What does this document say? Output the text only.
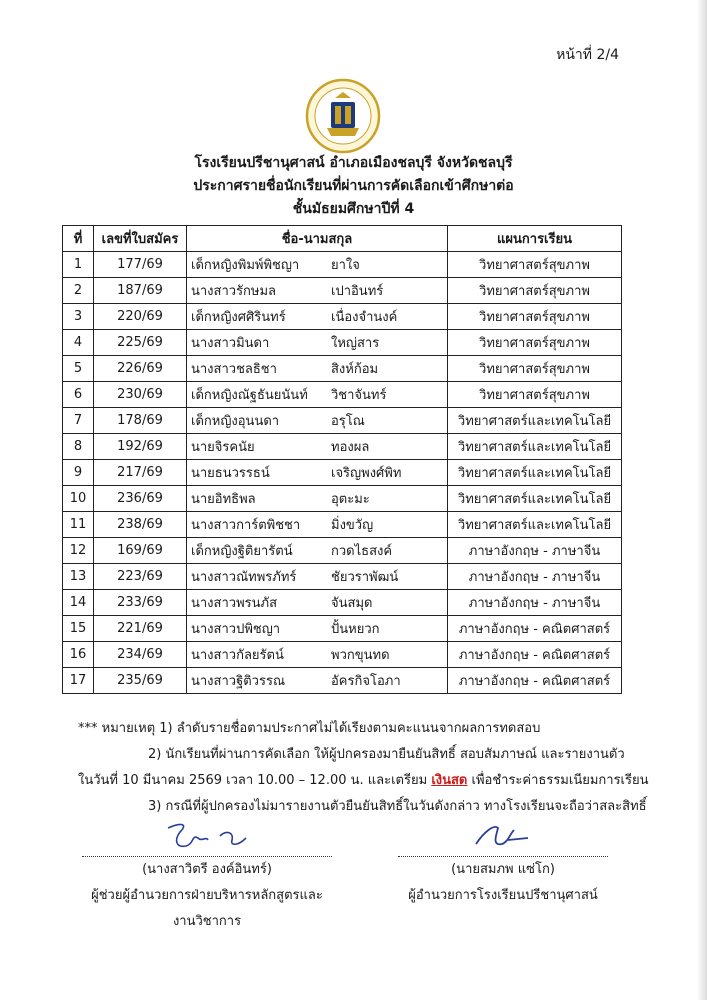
หน้าที่ 2/4
โรงเรียนปรีชานุศาสน์ อำเภอเมืองชลบุรี จังหวัดชลบุรี
ประกาศรายชื่อนักเรียนที่ผ่านการคัดเลือกเข้าศึกษาต่อ
ชั้นมัธยมศึกษาปีที่ 4
ที่	เลขที่ใบสมัคร	ชื่อ-นามสกุล	แผนการเรียน
1	177/69	เด็กหญิงพิมพ์พิชญา ยาใจ	วิทยาศาสตร์สุขภาพ
2	187/69	นางสาวรักษมล เปาอินทร์	วิทยาศาสตร์สุขภาพ
3	220/69	เด็กหญิงศศิรินทร์ เนื่องจำนงค์	วิทยาศาสตร์สุขภาพ
4	225/69	นางสาวมินดา ใหญ่สาร	วิทยาศาสตร์สุขภาพ
5	226/69	นางสาวชลธิชา สิงห์ก้อม	วิทยาศาสตร์สุขภาพ
6	230/69	เด็กหญิงณัฐธันยนันท์ วิชาจันทร์	วิทยาศาสตร์สุขภาพ
7	178/69	เด็กหญิงอุนนดา อรุโณ	วิทยาศาสตร์และเทคโนโลยี
8	192/69	นายจิรคนัย ทองผล	วิทยาศาสตร์และเทคโนโลยี
9	217/69	นายธนวรรธน์ เจริญพงศ์พิท	วิทยาศาสตร์และเทคโนโลยี
10	236/69	นายอิทธิพล อุตะมะ	วิทยาศาสตร์และเทคโนโลยี
11	238/69	นางสาวการ์ตพิชชา มิ่งขวัญ	วิทยาศาสตร์และเทคโนโลยี
12	169/69	เด็กหญิงฐิติยารัตน์ กวดไธสงค์	ภาษาอังกฤษ - ภาษาจีน
13	223/69	นางสาวณัทพรภัทร์ ชัยวราพัฒน์	ภาษาอังกฤษ - ภาษาจีน
14	233/69	นางสาวพรนภัส จันสมุด	ภาษาอังกฤษ - ภาษาจีน
15	221/69	นางสาวปพิชญา ปั้นหยวก	ภาษาอังกฤษ - คณิตศาสตร์
16	234/69	นางสาวกัลยรัตน์ พวกขุนทด	ภาษาอังกฤษ - คณิตศาสตร์
17	235/69	นางสาวฐิติวรรณ อัครกิจโอภา	ภาษาอังกฤษ - คณิตศาสตร์
*** หมายเหตุ 1) ลำดับรายชื่อตามประกาศไม่ได้เรียงตามคะแนนจากผลการทดสอบ
2) นักเรียนที่ผ่านการคัดเลือก ให้ผู้ปกครองมายืนยันสิทธิ์ สอบสัมภาษณ์ และรายงานตัว
ในวันที่ 10 มีนาคม 2569 เวลา 10.00 – 12.00 น. และเตรียม เงินสด เพื่อชำระค่าธรรมเนียมการเรียน
3) กรณีที่ผู้ปกครองไม่มารายงานตัวยืนยันสิทธิ์ในวันดังกล่าว ทางโรงเรียนจะถือว่าสละสิทธิ์
(นางสาวิตรี องค์อินทร์)
ผู้ช่วยผู้อำนวยการฝ่ายบริหารหลักสูตรและงานวิชาการ
(นายสมภพ แซ่โก)
ผู้อำนวยการโรงเรียนปรีชานุศาสน์
